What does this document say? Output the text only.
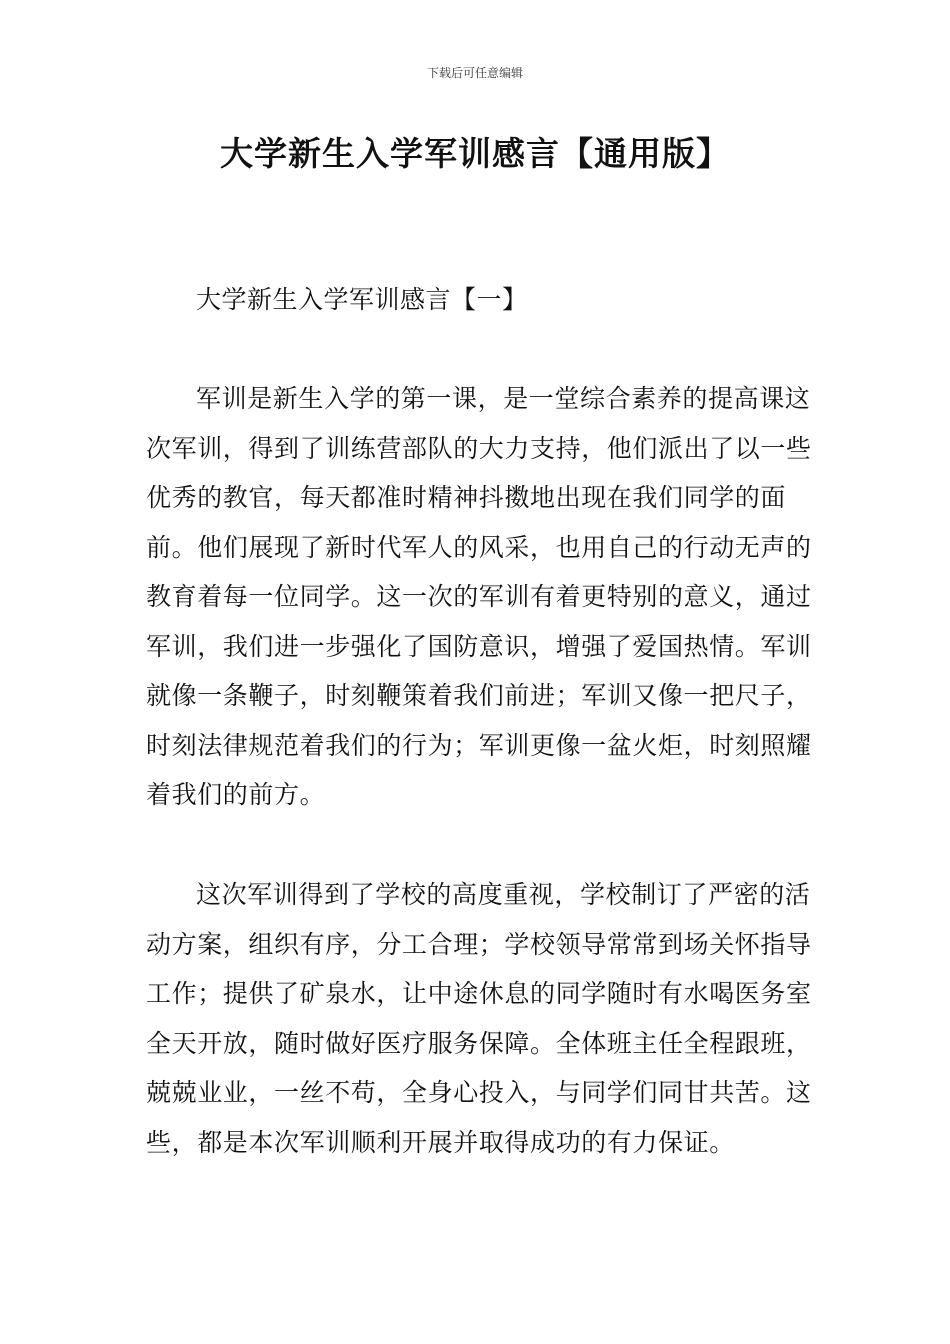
下载后可任意编辑
大学新生入学军训感言【通用版】
大学新生入学军训感言【一】

军训是新生入学的第一课，是一堂综合素养的提高课这次军训，得到了训练营部队的大力支持，他们派出了以一些优秀的教官，每天都准时精神抖擞地出现在我们同学的面前。他们展现了新时代军人的风采，也用自己的行动无声的教育着每一位同学。这一次的军训有着更特别的意义，通过军训，我们进一步强化了国防意识，增强了爱国热情。军训就像一条鞭子，时刻鞭策着我们前进；军训又像一把尺子，时刻法律规范着我们的行为；军训更像一盆火炬，时刻照耀着我们的前方。

这次军训得到了学校的高度重视，学校制订了严密的活动方案，组织有序，分工合理；学校领导常常到场关怀指导工作；提供了矿泉水，让中途休息的同学随时有水喝医务室全天开放，随时做好医疗服务保障。全体班主任全程跟班，兢兢业业，一丝不苟，全身心投入，与同学们同甘共苦。这些，都是本次军训顺利开展并取得成功的有力保证。
